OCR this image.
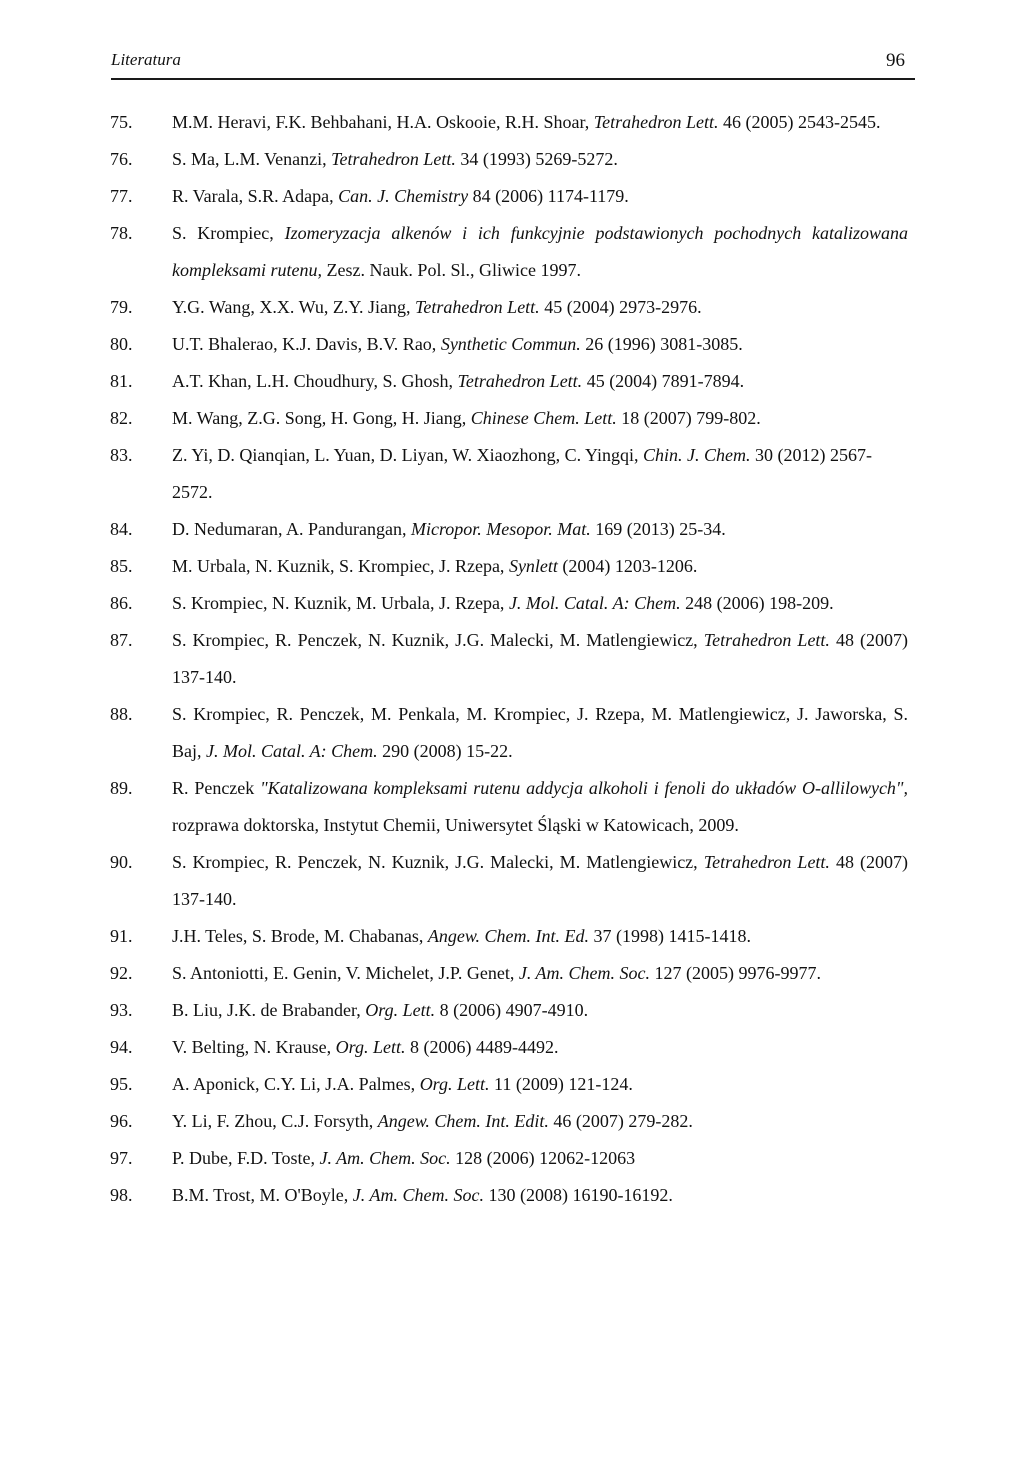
Literatura	96
75.	M.M. Heravi, F.K. Behbahani, H.A. Oskooie, R.H. Shoar, Tetrahedron Lett. 46 (2005) 2543-2545.
76.	S. Ma, L.M. Venanzi, Tetrahedron Lett. 34 (1993) 5269-5272.
77.	R. Varala, S.R. Adapa, Can. J. Chemistry 84 (2006) 1174-1179.
78.	S. Krompiec, Izomeryzacja alkenów i ich funkcyjnie podstawionych pochodnych katalizowana kompleksami rutenu, Zesz. Nauk. Pol. Sl., Gliwice 1997.
79.	Y.G. Wang, X.X. Wu, Z.Y. Jiang, Tetrahedron Lett. 45 (2004) 2973-2976.
80.	U.T. Bhalerao, K.J. Davis, B.V. Rao, Synthetic Commun. 26 (1996) 3081-3085.
81.	A.T. Khan, L.H. Choudhury, S. Ghosh, Tetrahedron Lett. 45 (2004) 7891-7894.
82.	M. Wang, Z.G. Song, H. Gong, H. Jiang, Chinese Chem. Lett. 18 (2007) 799-802.
83.	Z. Yi, D. Qianqian, L. Yuan, D. Liyan, W. Xiaozhong, C. Yingqi, Chin. J. Chem. 30 (2012) 2567-2572.
84.	D. Nedumaran, A. Pandurangan, Micropor. Mesopor. Mat. 169 (2013) 25-34.
85.	M. Urbala, N. Kuznik, S. Krompiec, J. Rzepa, Synlett (2004) 1203-1206.
86.	S. Krompiec, N. Kuznik, M. Urbala, J. Rzepa, J. Mol. Catal. A: Chem. 248 (2006) 198-209.
87.	S. Krompiec, R. Penczek, N. Kuznik, J.G. Malecki, M. Matlengiewicz, Tetrahedron Lett. 48 (2007) 137-140.
88.	S. Krompiec, R. Penczek, M. Penkala, M. Krompiec, J. Rzepa, M. Matlengiewicz, J. Jaworska, S. Baj, J. Mol. Catal. A: Chem. 290 (2008) 15-22.
89.	R. Penczek "Katalizowana kompleksami rutenu addycja alkoholi i fenoli do układów O-allilowych", rozprawa doktorska, Instytut Chemii, Uniwersytet Śląski w Katowicach, 2009.
90.	S. Krompiec, R. Penczek, N. Kuznik, J.G. Malecki, M. Matlengiewicz, Tetrahedron Lett. 48 (2007) 137-140.
91.	J.H. Teles, S. Brode, M. Chabanas, Angew. Chem. Int. Ed. 37 (1998) 1415-1418.
92.	S. Antoniotti, E. Genin, V. Michelet, J.P. Genet, J. Am. Chem. Soc. 127 (2005) 9976-9977.
93.	B. Liu, J.K. de Brabander, Org. Lett. 8 (2006) 4907-4910.
94.	V. Belting, N. Krause, Org. Lett. 8 (2006) 4489-4492.
95.	A. Aponick, C.Y. Li, J.A. Palmes, Org. Lett. 11 (2009) 121-124.
96.	Y. Li, F. Zhou, C.J. Forsyth, Angew. Chem. Int. Edit. 46 (2007) 279-282.
97.	P. Dube, F.D. Toste, J. Am. Chem. Soc. 128 (2006) 12062-12063
98.	B.M. Trost, M. O'Boyle, J. Am. Chem. Soc. 130 (2008) 16190-16192.
